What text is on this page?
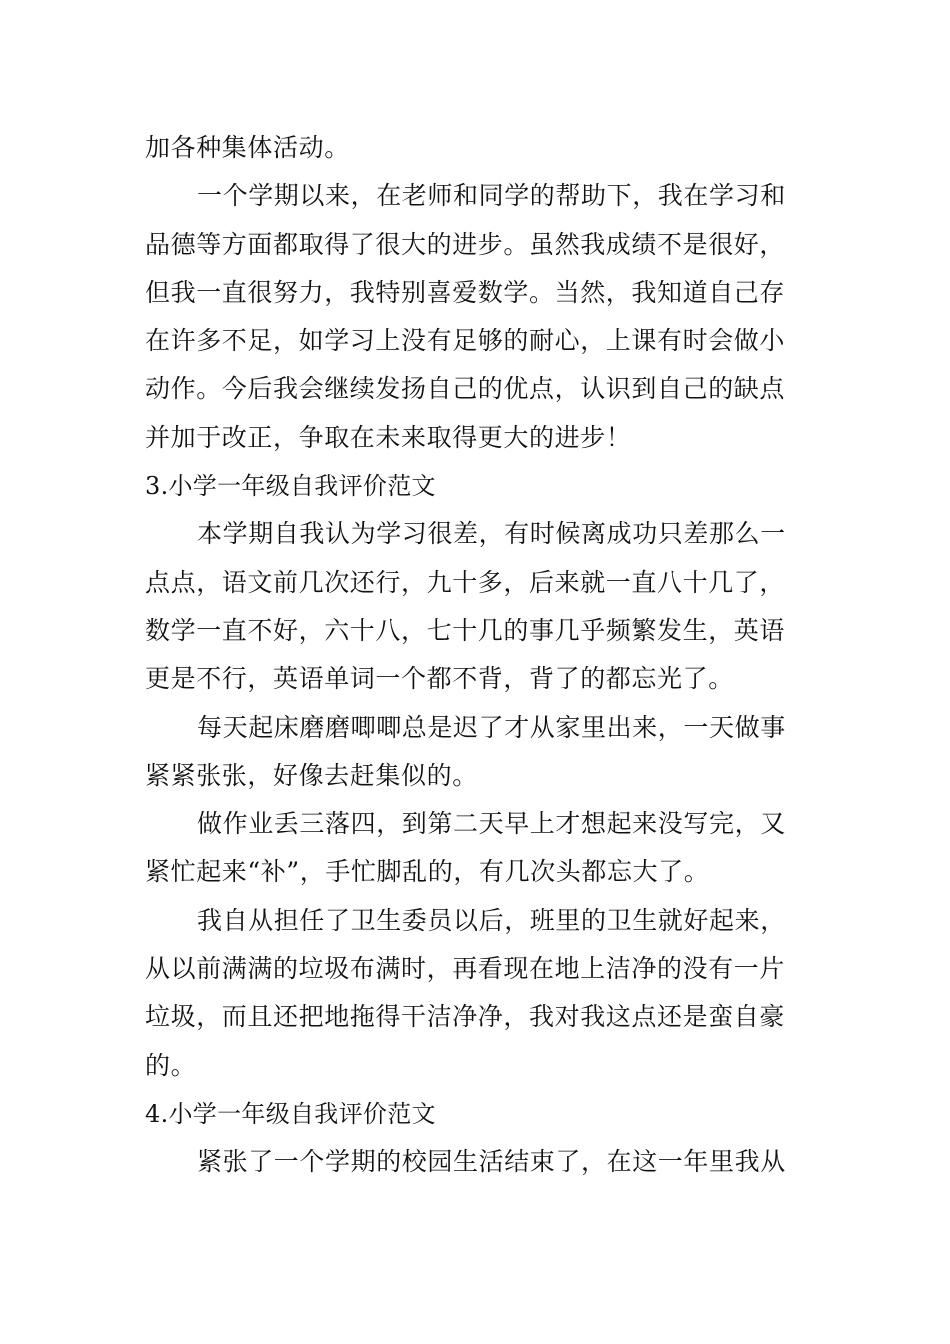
加各种集体活动。
一个学期以来，在老师和同学的帮助下，我在学习和
品德等方面都取得了很大的进步。虽然我成绩不是很好，
但我一直很努力，我特别喜爱数学。当然，我知道自己存
在许多不足，如学习上没有足够的耐心，上课有时会做小
动作。今后我会继续发扬自己的优点，认识到自己的缺点
并加于改正，争取在未来取得更大的进步！
3.小学一年级自我评价范文
本学期自我认为学习很差，有时候离成功只差那么一
点点，语文前几次还行，九十多，后来就一直八十几了，
数学一直不好，六十八，七十几的事几乎频繁发生，英语
更是不行，英语单词一个都不背，背了的都忘光了。
每天起床磨磨唧唧总是迟了才从家里出来，一天做事
紧紧张张，好像去赶集似的。
做作业丢三落四，到第二天早上才想起来没写完，又
紧忙起来“补”，手忙脚乱的，有几次头都忘大了。
我自从担任了卫生委员以后，班里的卫生就好起来，
从以前满满的垃圾布满时，再看现在地上洁净的没有一片
垃圾，而且还把地拖得干洁净净，我对我这点还是蛮自豪
的。
4.小学一年级自我评价范文
紧张了一个学期的校园生活结束了，在这一年里我从
